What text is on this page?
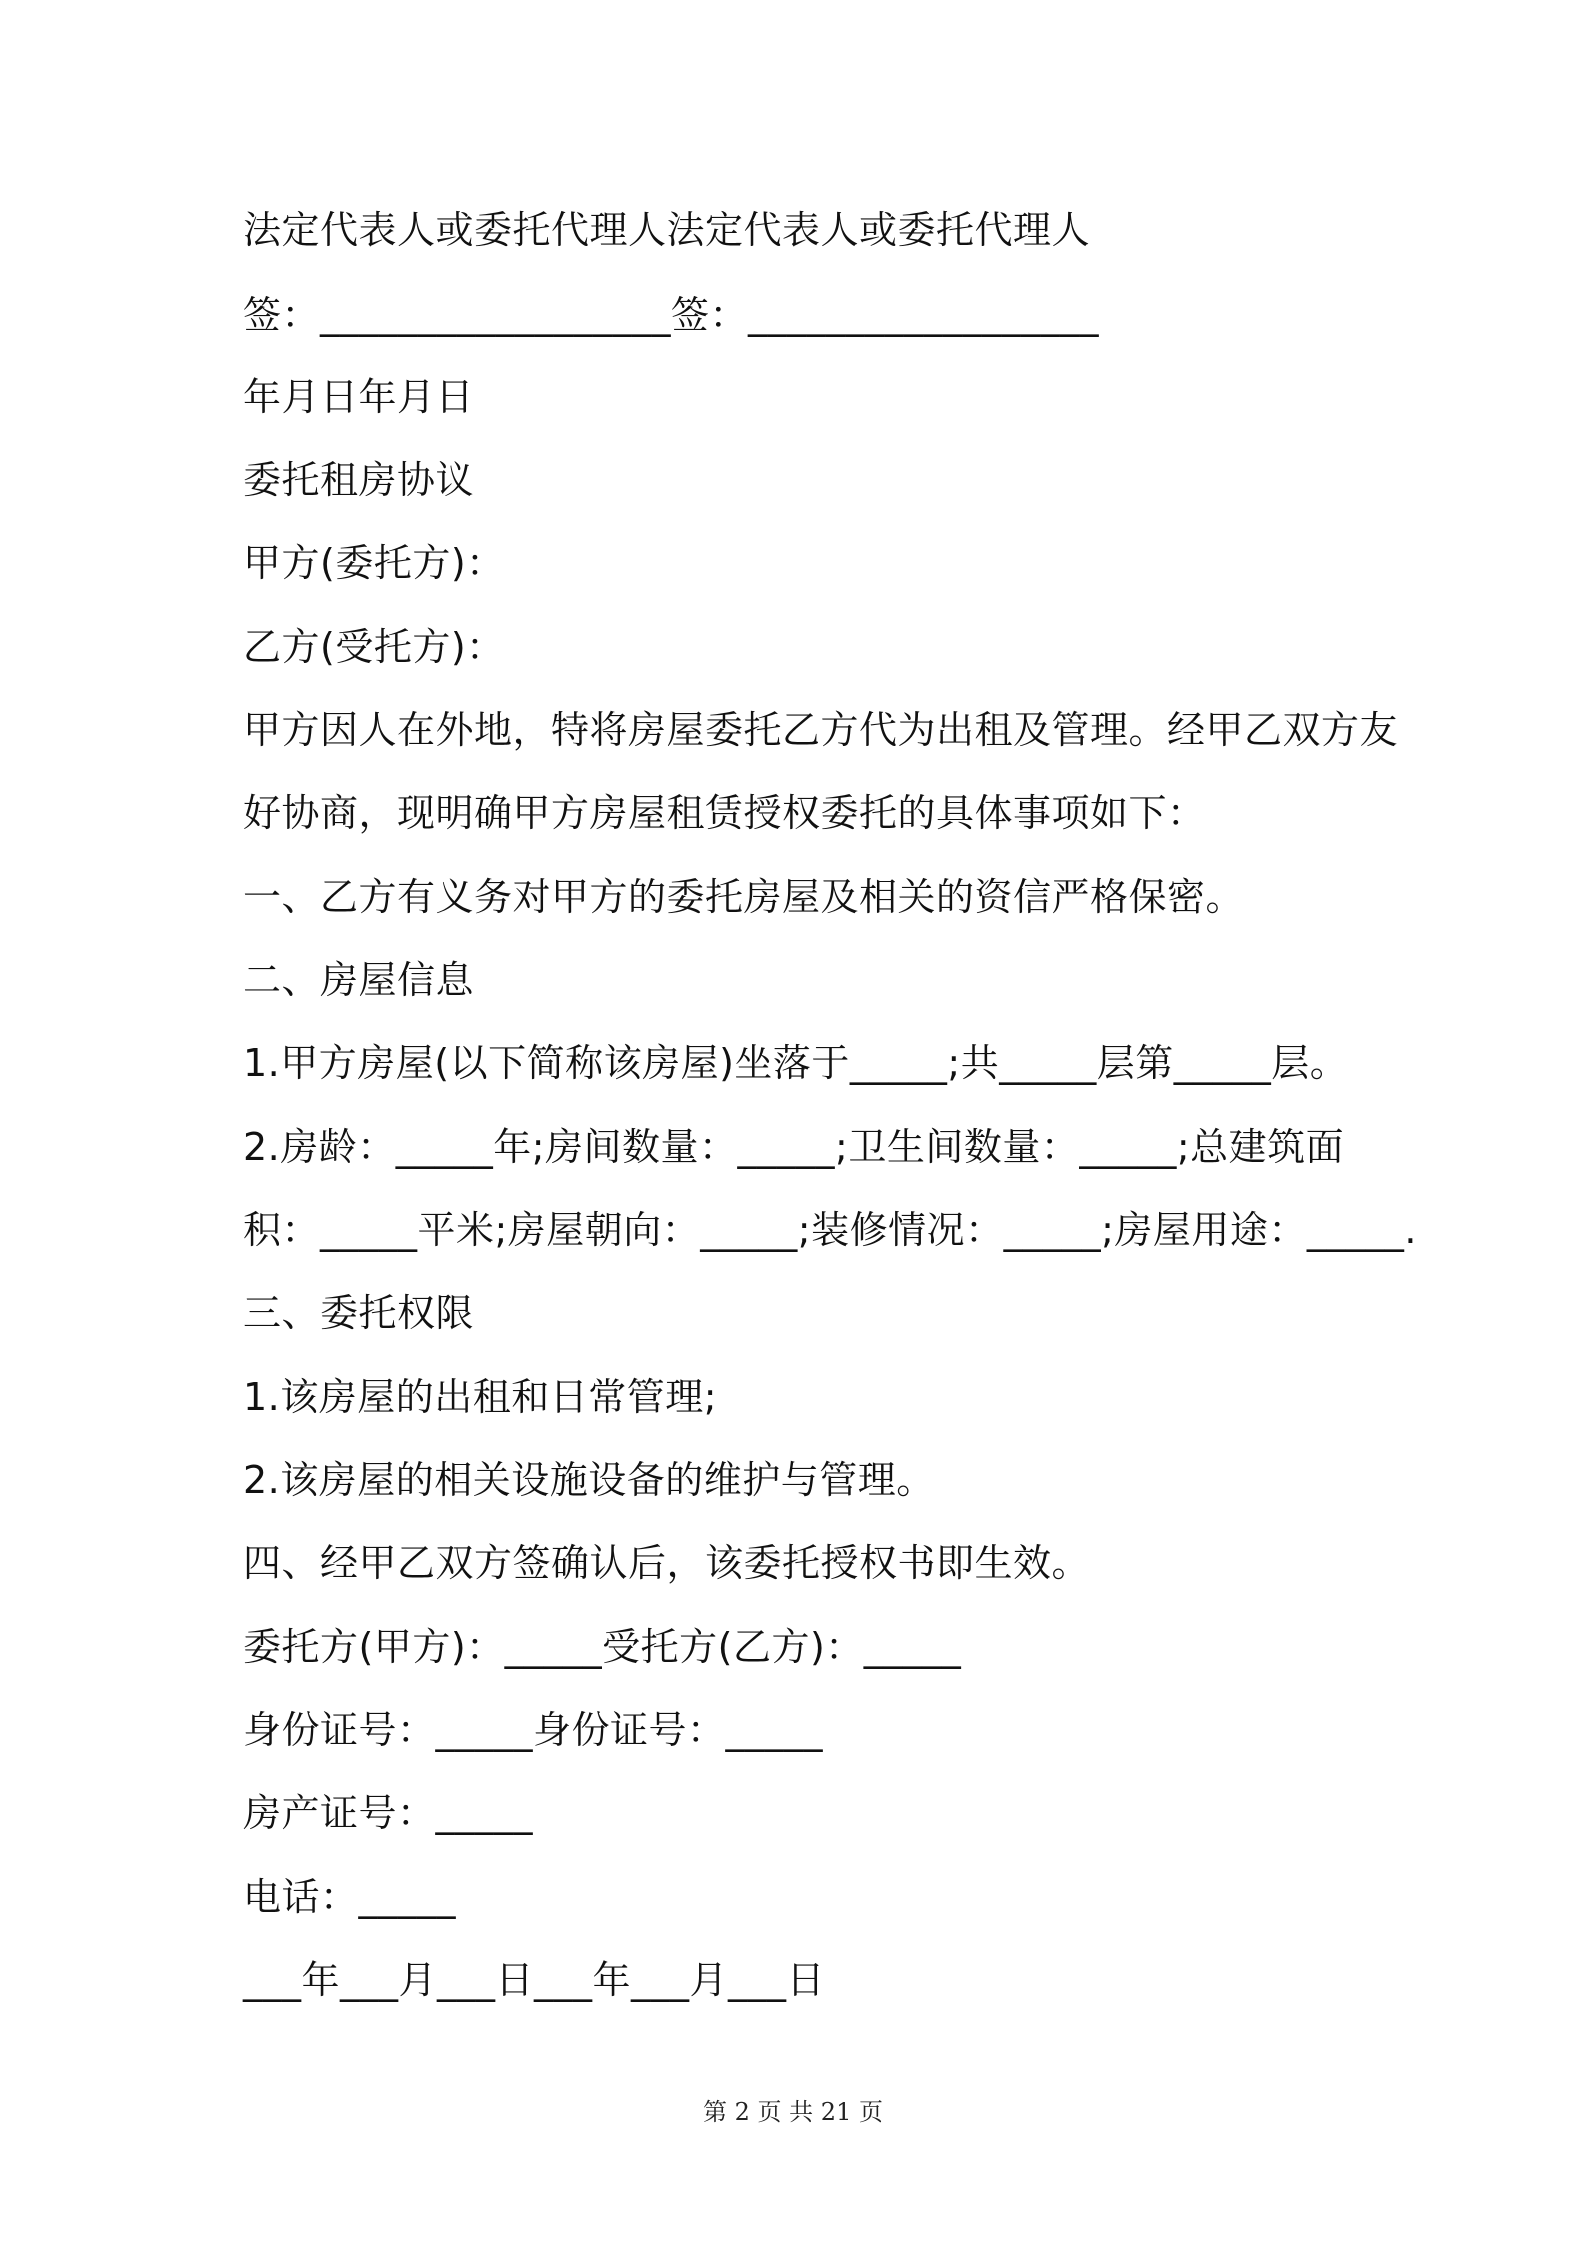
法定代表人或委托代理人法定代表人或委托代理人
签：__________________签：__________________
年月日年月日
委托租房协议
甲方(委托方)：
乙方(受托方)：
甲方因人在外地，特将房屋委托乙方代为出租及管理。经甲乙双方友
好协商，现明确甲方房屋租赁授权委托的具体事项如下：
一、乙方有义务对甲方的委托房屋及相关的资信严格保密。
二、房屋信息
1.甲方房屋(以下简称该房屋)坐落于_____;共_____层第_____层。
2.房龄：_____年;房间数量：_____;卫生间数量：_____;总建筑面
积：_____平米;房屋朝向：_____;装修情况：_____;房屋用途：_____.
三、委托权限
1.该房屋的出租和日常管理;
2.该房屋的相关设施设备的维护与管理。
四、经甲乙双方签确认后，该委托授权书即生效。
委托方(甲方)：_____受托方(乙方)：_____
身份证号：_____身份证号：_____
房产证号：_____
电话：_____
___年___月___日___年___月___日
第 2 页 共 21 页
